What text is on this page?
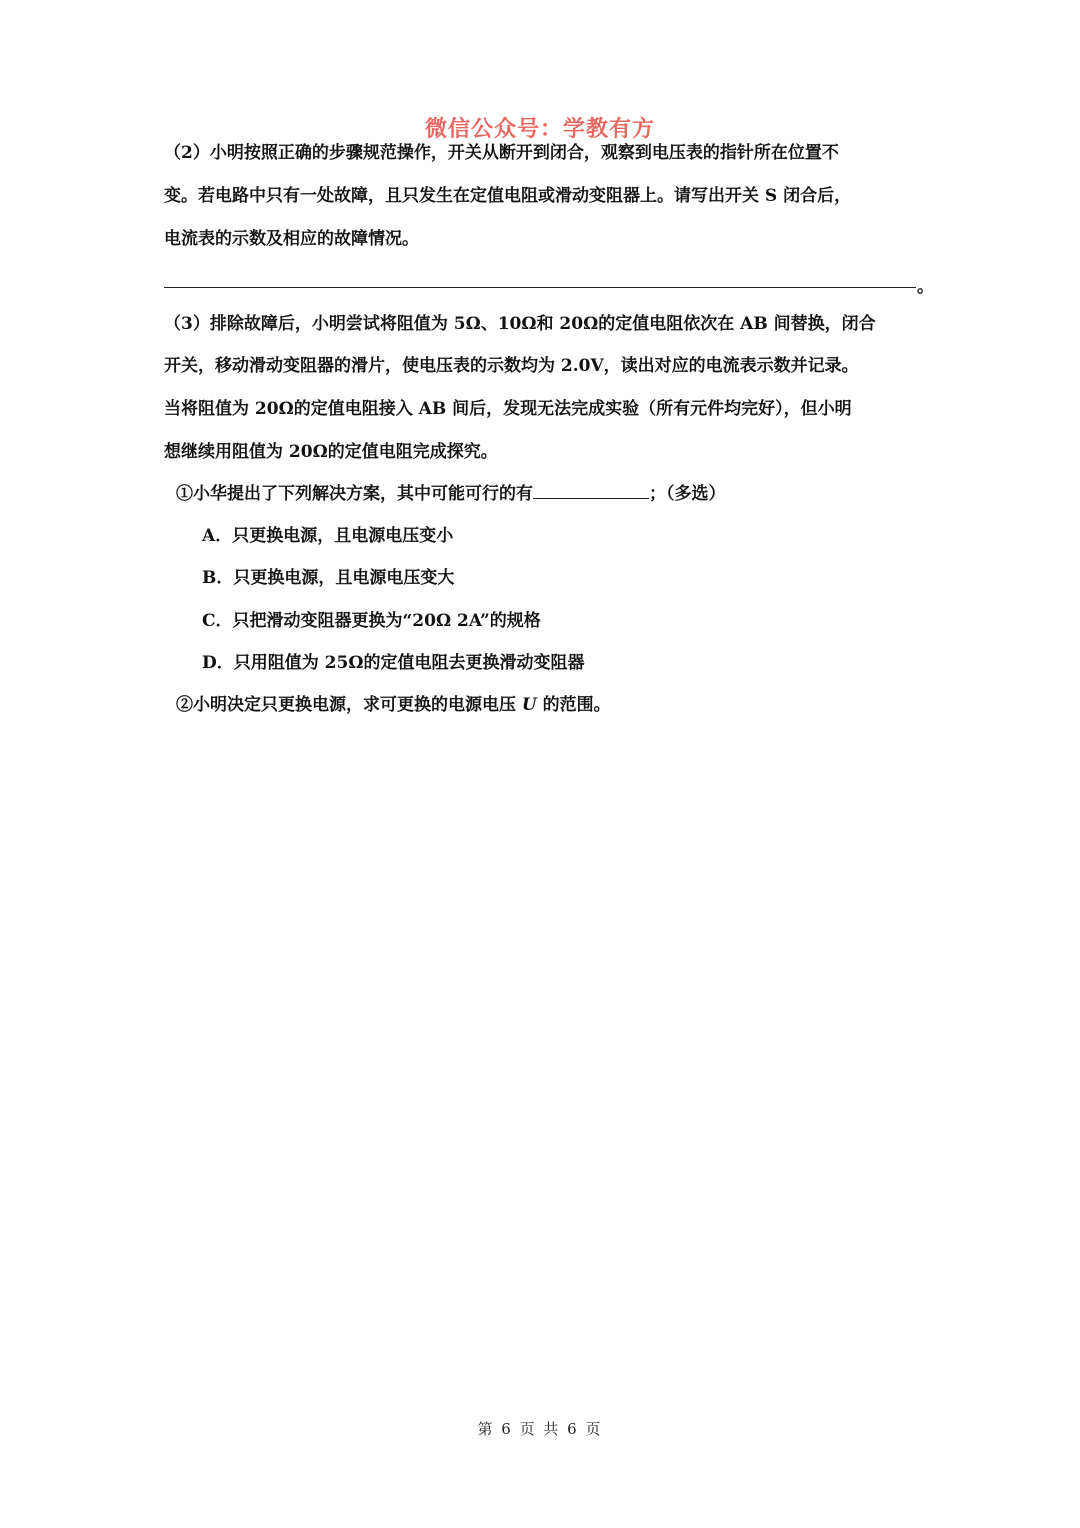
微信公众号：学教有方
（2）小明按照正确的步骤规范操作，开关从断开到闭合，观察到电压表的指针所在位置不
变。若电路中只有一处故障，且只发生在定值电阻或滑动变阻器上。请写出开关 S 闭合后，
电流表的示数及相应的故障情况。
。
（3）排除故障后，小明尝试将阻值为 5Ω、10Ω和 20Ω的定值电阻依次在 AB 间替换，闭合
开关，移动滑动变阻器的滑片，使电压表的示数均为 2.0V，读出对应的电流表示数并记录。
当将阻值为 20Ω的定值电阻接入 AB 间后，发现无法完成实验（所有元件均完好），但小明
想继续用阻值为 20Ω的定值电阻完成探究。
①小华提出了下列解决方案，其中可能可行的有	；（多选）
A．只更换电源，且电源电压变小
B．只更换电源，且电源电压变大
C．只把滑动变阻器更换为“20Ω 2A”的规格
D．只用阻值为 25Ω的定值电阻去更换滑动变阻器
②小明决定只更换电源，求可更换的电源电压 U 的范围。
第 6 页 共 6 页
